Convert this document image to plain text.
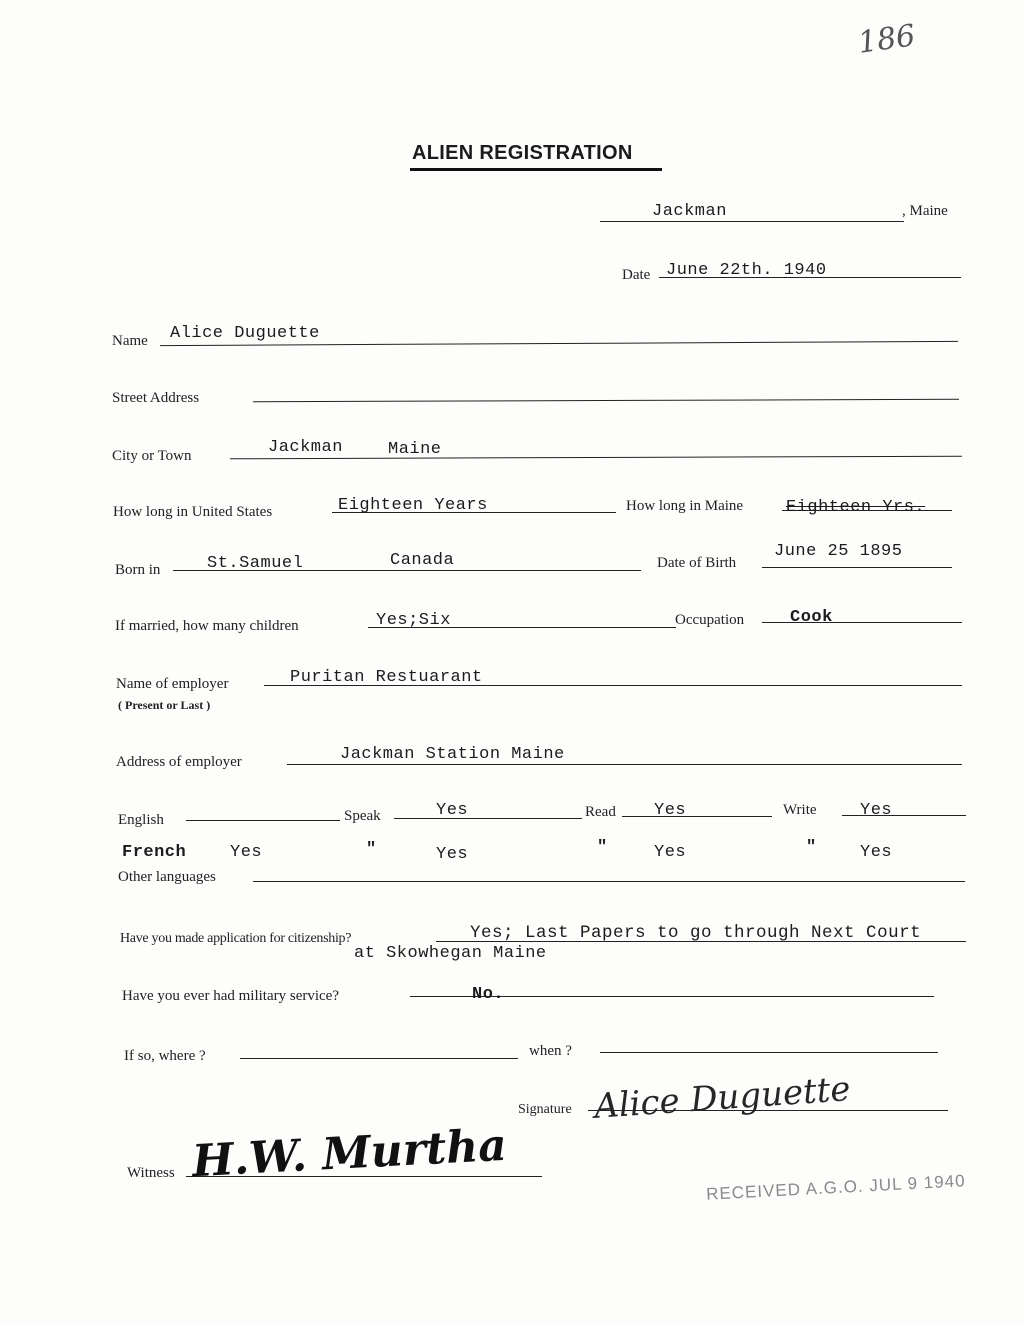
186
ALIEN REGISTRATION
Jackman	, Maine
Date June 22th. 1940
Name Alice Duguette
Street Address
City or Town	Jackman	Maine
How long in United States	Eighteen Years	How long in Maine	Eighteen Yrs.
Born in	St.Samuel	Canada	Date of Birth
June 25 1895
If married, how many children	Yes;Six	Occupation	Cook
Name of employer	Puritan Restuarant
( Present or Last )
Address of employer	Jackman Station Maine
English	Speak	Yes	Read Yes	Write	Yes
French	Yes	"	Yes	"	Yes	"	Yes
Other languages
Have you made application for citizenship?	Yes; Last Papers to go through Next Court
at Skowhegan Maine
Have you ever had military service?	No.
If so, where ?	when ?
Signature Alice Duguette
Witness H.W. Murtha
RECEIVED A.G.O. JUL 9 1940
